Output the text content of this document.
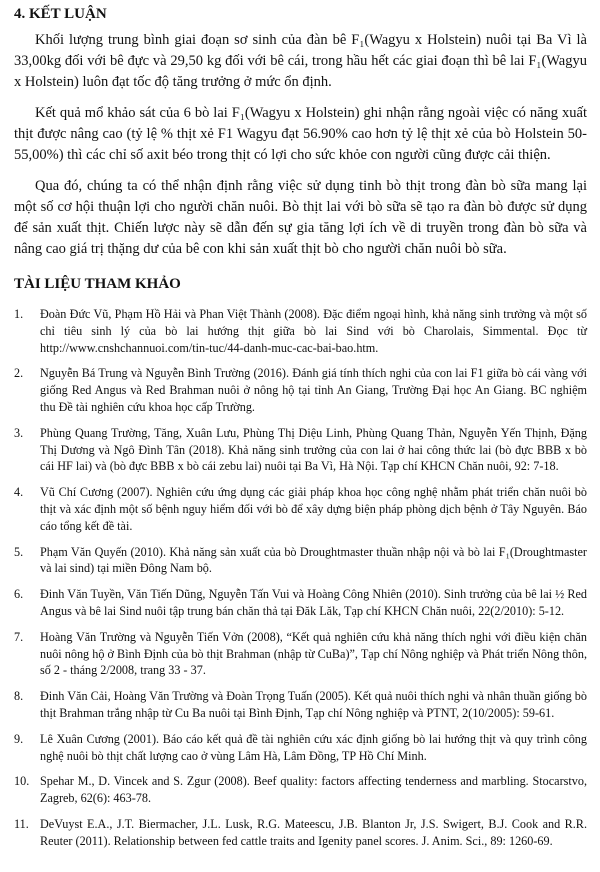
4. KẾT LUẬN

Khối lượng trung bình giai đoạn sơ sinh của đàn bê F₁(Wagyu x Holstein) nuôi tại Ba Vì là 33,00kg đối với bê đực và 29,50 kg đối với bê cái, trong hầu hết các giai đoạn thì bê lai F₁(Wagyu x Holstein) luôn đạt tốc độ tăng trưởng ở mức ổn định.

Kết quả mổ khảo sát của 6 bò lai F₁(Wagyu x Holstein) ghi nhận rằng ngoài việc có năng xuất thịt được nâng cao (tỷ lệ % thịt xẻ F1 Wagyu đạt 56.90% cao hơn tỷ lệ thịt xẻ của bò Holstein 50-55,00%) thì các chỉ số axit béo trong thịt có lợi cho sức khỏe con người cũng được cải thiện.

Qua đó, chúng ta có thể nhận định rằng việc sử dụng tinh bò thịt trong đàn bò sữa mang lại một số cơ hội thuận lợi cho người chăn nuôi. Bò thịt lai với bò sữa sẽ tạo ra đàn bò được sử dụng để sản xuất thịt. Chiến lược này sẽ dẫn đến sự gia tăng lợi ích về di truyền trong đàn bò sữa và nâng cao giá trị thặng dư của bê con khi sản xuất thịt bò cho người chăn nuôi bò sữa.

TÀI LIỆU THAM KHẢO
1. Đoàn Đức Vũ, Phạm Hồ Hải và Phan Việt Thành (2008). Đặc điểm ngoại hình, khả năng sinh trưởng và một số chỉ tiêu sinh lý của bò lai hướng thịt giữa bò lai Sind với bò Charolais, Simmental. Đọc từ http://www.cnshchannuoi.com/tin-tuc/44-danh-muc-cac-bai-bao.htm.
2. Nguyễn Bá Trung và Nguyễn Bình Trường (2016). Đánh giá tính thích nghi của con lai F1 giữa bò cái vàng với giống Red Angus và Red Brahman nuôi ở nông hộ tại tỉnh An Giang, Trường Đại học An Giang. BC nghiệm thu Đề tài nghiên cứu khoa học cấp Trường.
3. Phùng Quang Trường, Tăng, Xuân Lưu, Phùng Thị Diệu Linh, Phùng Quang Thản, Nguyễn Yến Thịnh, Đặng Thị Dương và Ngô Đình Tân (2018). Khả năng sinh trưởng của con lai ở hai công thức lai (bò đực BBB x bò cái HF lai) và (bò đực BBB x bò cái zebu lai) nuôi tại Ba Vì, Hà Nội. Tạp chí KHCN Chăn nuôi, 92: 7-18.
4. Vũ Chí Cương (2007). Nghiên cứu ứng dụng các giải pháp khoa học công nghệ nhằm phát triển chăn nuôi bò thịt và xác định một số bệnh nguy hiểm đối với bò để xây dựng biện pháp phòng dịch bệnh ở Tây Nguyên. Báo cáo tổng kết đề tài.
5. Phạm Văn Quyến (2010). Khả năng sản xuất của bò Droughtmaster thuần nhập nội và bò lai F₁(Droughtmaster và lai sind) tại miền Đông Nam bộ.
6. Đinh Văn Tuyền, Văn Tiến Dũng, Nguyễn Tấn Vui và Hoàng Công Nhiên (2010). Sinh trưởng của bê lai ½ Red Angus và bê lai Sind nuôi tập trung bán chăn thả tại Đăk Lăk, Tạp chí KHCN Chăn nuôi, 22(2/2010): 5-12.
7. Hoàng Văn Trường và Nguyễn Tiến Vởn (2008), “Kết quả nghiên cứu khả năng thích nghi với điều kiện chăn nuôi nông hộ ở Bình Định của bò thịt Brahman (nhập từ CuBa)”, Tạp chí Nông nghiệp và Phát triển Nông thôn, số 2 - tháng 2/2008, trang 33 - 37.
8. Đinh Văn Cải, Hoàng Văn Trường và Đoàn Trọng Tuấn (2005). Kết quả nuôi thích nghi và nhân thuần giống bò thịt Brahman trắng nhập từ Cu Ba nuôi tại Bình Định, Tạp chí Nông nghiệp và PTNT, 2(10/2005): 59-61.
9. Lê Xuân Cương (2001). Báo cáo kết quả đề tài nghiên cứu xác định giống bò lai hướng thịt và quy trình công nghệ nuôi bò thịt chất lượng cao ở vùng Lâm Hà, Lâm Đồng, TP Hồ Chí Minh.
10. Spehar M., D. Vincek and S. Zgur (2008). Beef quality: factors affecting tenderness and marbling. Stocarstvo, Zagreb, 62(6): 463-78.
11. DeVuyst E.A., J.T. Biermacher, J.L. Lusk, R.G. Mateescu, J.B. Blanton Jr, J.S. Swigert, B.J. Cook and R.R. Reuter (2011). Relationship between fed cattle traits and Igenity panel scores. J. Anim. Sci., 89: 1260-69.
